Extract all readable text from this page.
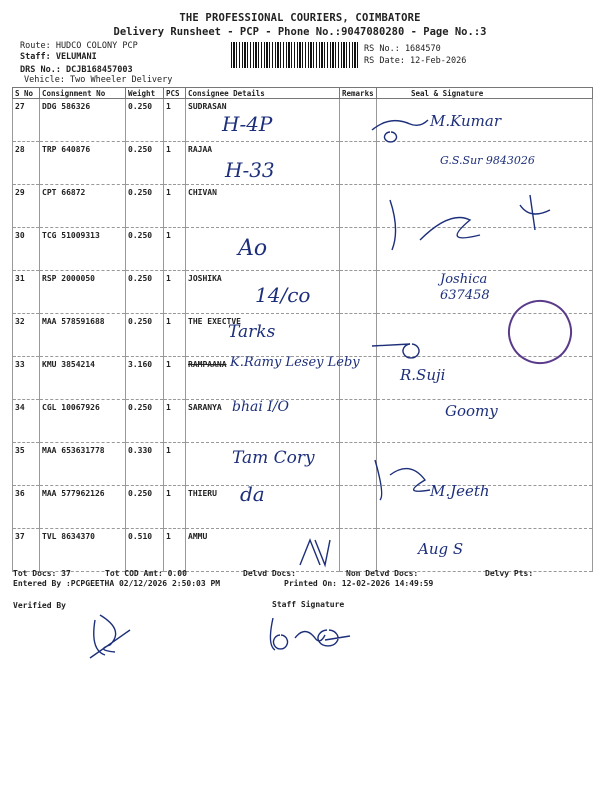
THE PROFESSIONAL COURIERS, COIMBATORE
Delivery Runsheet - PCP - Phone No.:9047080280 - Page No.:3
Route: HUDCO COLONY PCP
Staff: VELUMANI
DRS No.: DCJB168457003
Vehicle: Two Wheeler Delivery
RS No.: 1684570
RS Date: 12-Feb-2026
S No	Consignment No	Weight	PCS	Consignee Details	Remarks	Seal & Signature
27	DDG 586326	0.250	1	SUDRASAN		
28	TRP 640876	0.250	1	RAJAA		
29	CPT 66872	0.250	1	CHIVAN		
30	TCG 51009313	0.250	1			
31	RSP 2000050	0.250	1	JOSHIKA		
32	MAA 578591688	0.250	1	THE EXECTVE		
33	KMU 3854214	3.160	1	RAMPAANA		
34	CGL 10067926	0.250	1	SARANYA		
35	MAA 653631778	0.330	1			
36	MAA 577962126	0.250	1	THIERU		
37	TVL 8634370	0.510	1	AMMU		
H-4P
H-33
Ao
14/co
Tarks
K.Ramy Lesey Leby
bhai I/O
Tam Cory
da
M.Kumar
G.S.Sur 9843026
Joshica 637458
R.Suji
Goomy
M.Jeeth
Aug S
Tot Docs: 37	Tot COD Amt: 0.00	Delvd Docs:	Non Delvd Docs:	Delvy Pts:
Entered By :PCPGEETHA 02/12/2026 2:50:03 PM	Printed On: 12-02-2026 14:49:59
Verified By	Staff Signature
